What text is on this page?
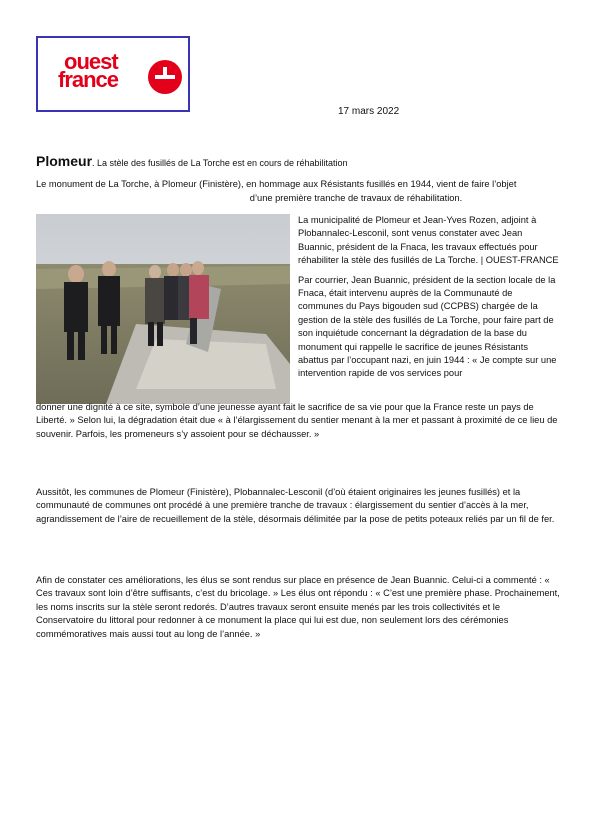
ouest
france
17 mars 2022
Plomeur. La stèle des fusillés de La Torche est en cours de réhabilitation
Le monument de La Torche, à Plomeur (Finistère), en hommage aux Résistants fusillés en 1944, vient de faire l’objet
d’une première tranche de travaux de réhabilitation.

La municipalité de Plomeur et Jean-Yves Rozen, adjoint à Plobannalec-Lesconil, sont venus constater avec Jean Buannic, président de la Fnaca, les travaux effectués pour réhabiliter la stèle des fusillés de La Torche. | OUEST-FRANCE

Par courrier, Jean Buannic, président de la section locale de la Fnaca, était intervenu auprès de la Communauté de communes du Pays bigouden sud (CCPBS) chargée de la gestion de la stèle des fusillés de La Torche, pour faire part de son inquiétude concernant la dégradation de la base du monument qui rappelle le sacrifice de jeunes Résistants abattus par l’occupant nazi, en juin 1944 : « Je compte sur une intervention rapide de vos services pour

donner une dignité à ce site, symbole d’une jeunesse ayant fait le sacrifice de sa vie pour que la France reste un pays de Liberté. » Selon lui, la dégradation était due « à l’élargissement du sentier menant à la mer et passant à proximité de ce lieu de souvenir. Parfois, les promeneurs s’y assoient pour se déchausser. »

Aussitôt, les communes de Plomeur (Finistère), Plobannalec-Lesconil (d’où étaient originaires les jeunes fusillés) et la communauté de communes ont procédé à une première tranche de travaux : élargissement du sentier d’accès à la mer, agrandissement de l’aire de recueillement de la stèle, désormais délimitée par la pose de petits poteaux reliés par un fil de fer.

Afin de constater ces améliorations, les élus se sont rendus sur place en présence de Jean Buannic. Celui-ci a commenté : « Ces travaux sont loin d’être suffisants, c’est du bricolage. » Les élus ont répondu : « C’est une première phase. Prochainement, les noms inscrits sur la stèle seront redorés. D’autres travaux seront ensuite menés par les trois collectivités et le Conservatoire du littoral pour redonner à ce monument la place qui lui est due, non seulement lors des cérémonies commémoratives mais aussi tout au long de l’année. »
